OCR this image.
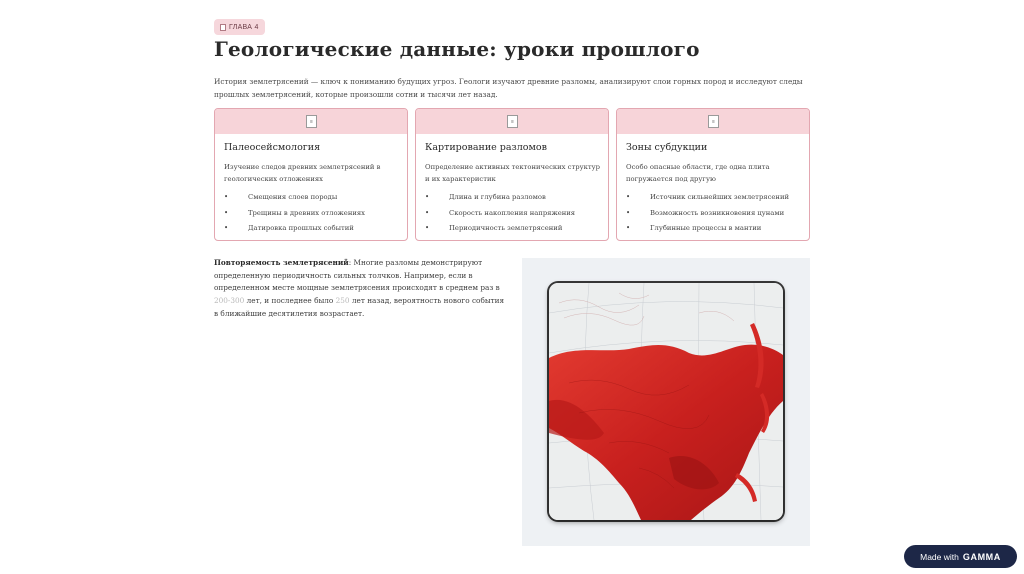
ГЛАВА 4
Геологические данные: уроки прошлого

История землетрясений — ключ к пониманию будущих угроз. Геологи изучают древние разломы, анализируют слои горных пород и исследуют следы прошлых землетрясений, которые произошли сотни и тысячи лет назад.

≡
Палеосейсмология
Изучение следов древних землетрясений в геологических отложениях
• Смещения слоев породы
• Трещины в древних отложениях
• Датировка прошлых событий
≡
Картирование разломов
Определение активных тектонических структур и их характеристик
• Длина и глубина разломов
• Скорость накопления напряжения
• Периодичность землетрясений
≡
Зоны субдукции
Особо опасные области, где одна плита погружается под другую
• Источник сильнейших землетрясений
• Возможность возникновения цунами
• Глубинные процессы в мантии

Повторяемость землетрясений: Многие разломы демонстрируют определенную периодичность сильных толчков. Например, если в определенном месте мощные землетрясения происходят в среднем раз в 200-300 лет, и последнее было 250 лет назад, вероятность нового события в ближайшие десятилетия возрастает.

Made with GAMMA
